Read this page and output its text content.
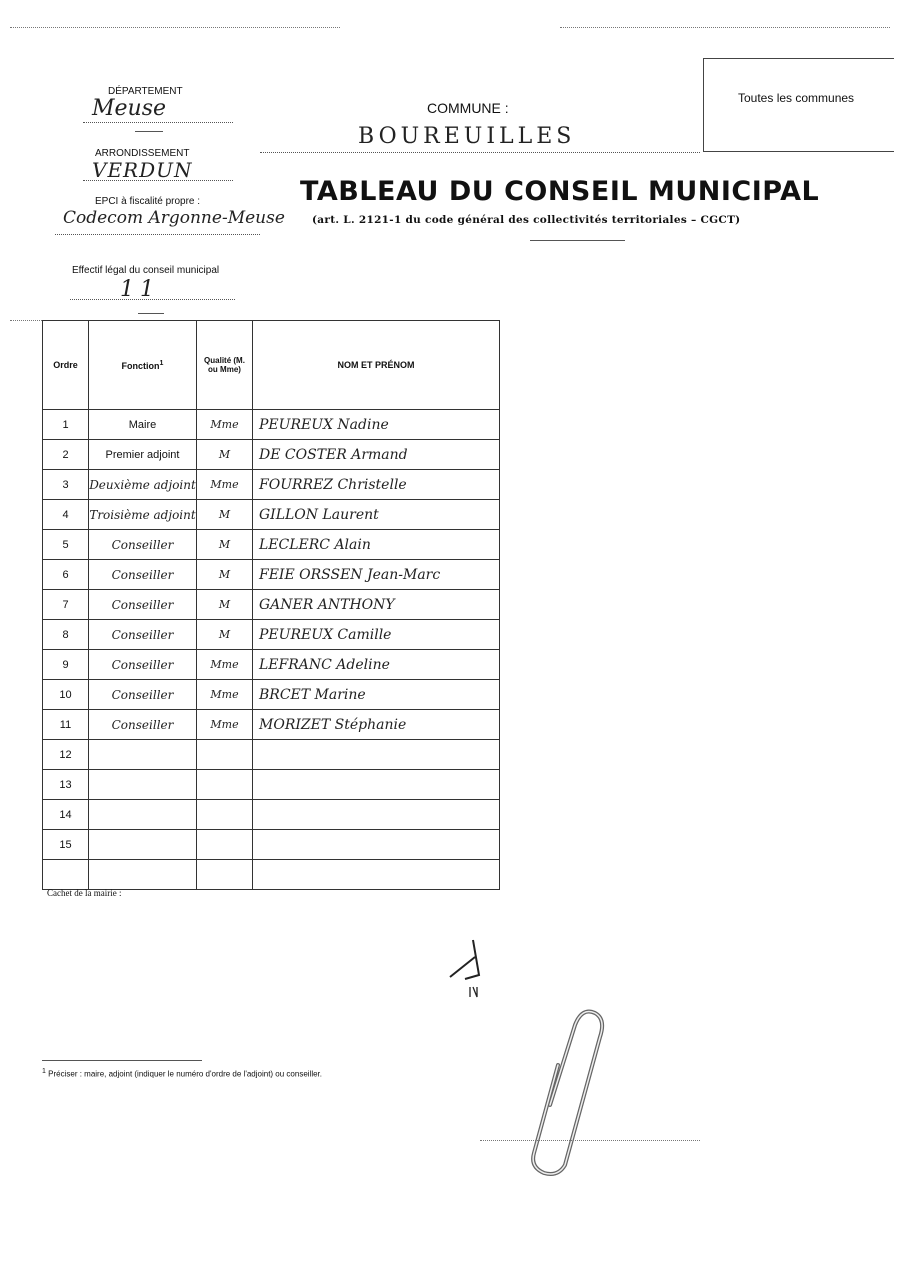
DÉPARTEMENT
Meuse
ARRONDISSEMENT
VERDUN
EPCI à fiscalité propre :
Codecom Argonne-Meuse
Effectif légal du conseil municipal
11
COMMUNE :
BOUREUILLES
Toutes les communes
TABLEAU DU CONSEIL MUNICIPAL
(art. L. 2121-1 du code général des collectivités territoriales – CGCT)
Ordre	Fonction$^1$	Qualité (M. ou Mme)	NOM ET PRÉNOM
1	Maire	Mme	PEUREUX Nadine
2	Premier adjoint	M	DE COSTER Armand
3	Deuxième adjoint	Mme	FOURREZ Christelle
4	Troisième adjoint	M	GILLON Laurent
5	Conseiller	M	LECLERC Alain
6	Conseiller	M	FEIE ORSSEN Jean-Marc
7	Conseiller	M	GANER ANTHONY
8	Conseiller	M	PEUREUX Camille
9	Conseiller	Mme	LEFRANC Adeline
10	Conseiller	Mme	BRCET Marine
11	Conseiller	Mme	MORIZET Stéphanie
12			
13			
14			
15			

Cachet de la mairie :
$^1$ Préciser : maire, adjoint (indiquer le numéro d'ordre de l'adjoint) ou conseiller.
